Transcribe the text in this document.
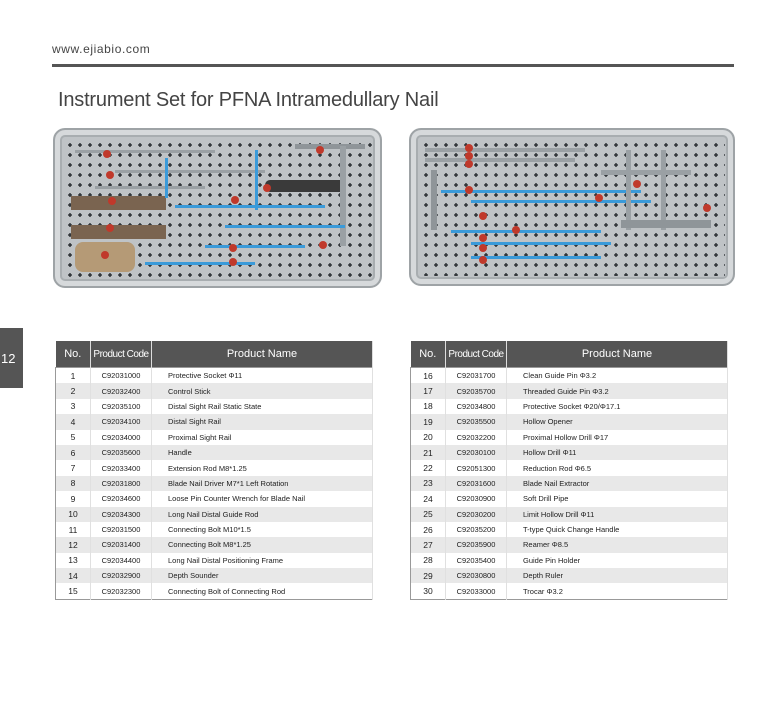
www.ejiabio.com
Instrument Set for PFNA Intramedullary Nail
12	No.	Product Code	Product Name
1	C92031000	Protective Socket Φ11
2	C92032400	Control Stick
3	C92035100	Distal Sight Rail Static State
4	C92034100	Distal Sight Rail
5	C92034000	Proximal Sight Rail
6	C92035600	Handle
7	C92033400	Extension Rod M8*1.25
8	C92031800	Blade Nail Driver M7*1 Left Rotation
9	C92034600	Loose Pin Counter Wrench for Blade Nail
10	C92034300	Long Nail Distal Guide Rod
11	C92031500	Connecting Bolt M10*1.5
12	C92031400	Connecting Bolt M8*1.25
13	C92034400	Long Nail Distal Positioning Frame
14	C92032900	Depth Sounder
15	C92032300	Connecting Bolt of Connecting Rod
No.	Product Code	Product Name
16	C92031700	Clean Guide Pin Φ3.2
17	C92035700	Threaded Guide Pin Φ3.2
18	C92034800	Protective Socket Φ20/Φ17.1
19	C92035500	Hollow Opener
20	C92032200	Proximal Hollow Drill Φ17
21	C92030100	Hollow Drill Φ11
22	C92051300	Reduction Rod Φ6.5
23	C92031600	Blade Nail Extractor
24	C92030900	Soft Drill Pipe
25	C92030200	Limit Hollow Drill Φ11
26	C92035200	T-type Quick Change Handle
27	C92035900	Reamer Φ8.5
28	C92035400	Guide Pin Holder
29	C92030800	Depth Ruler
30	C92033000	Trocar Φ3.2
